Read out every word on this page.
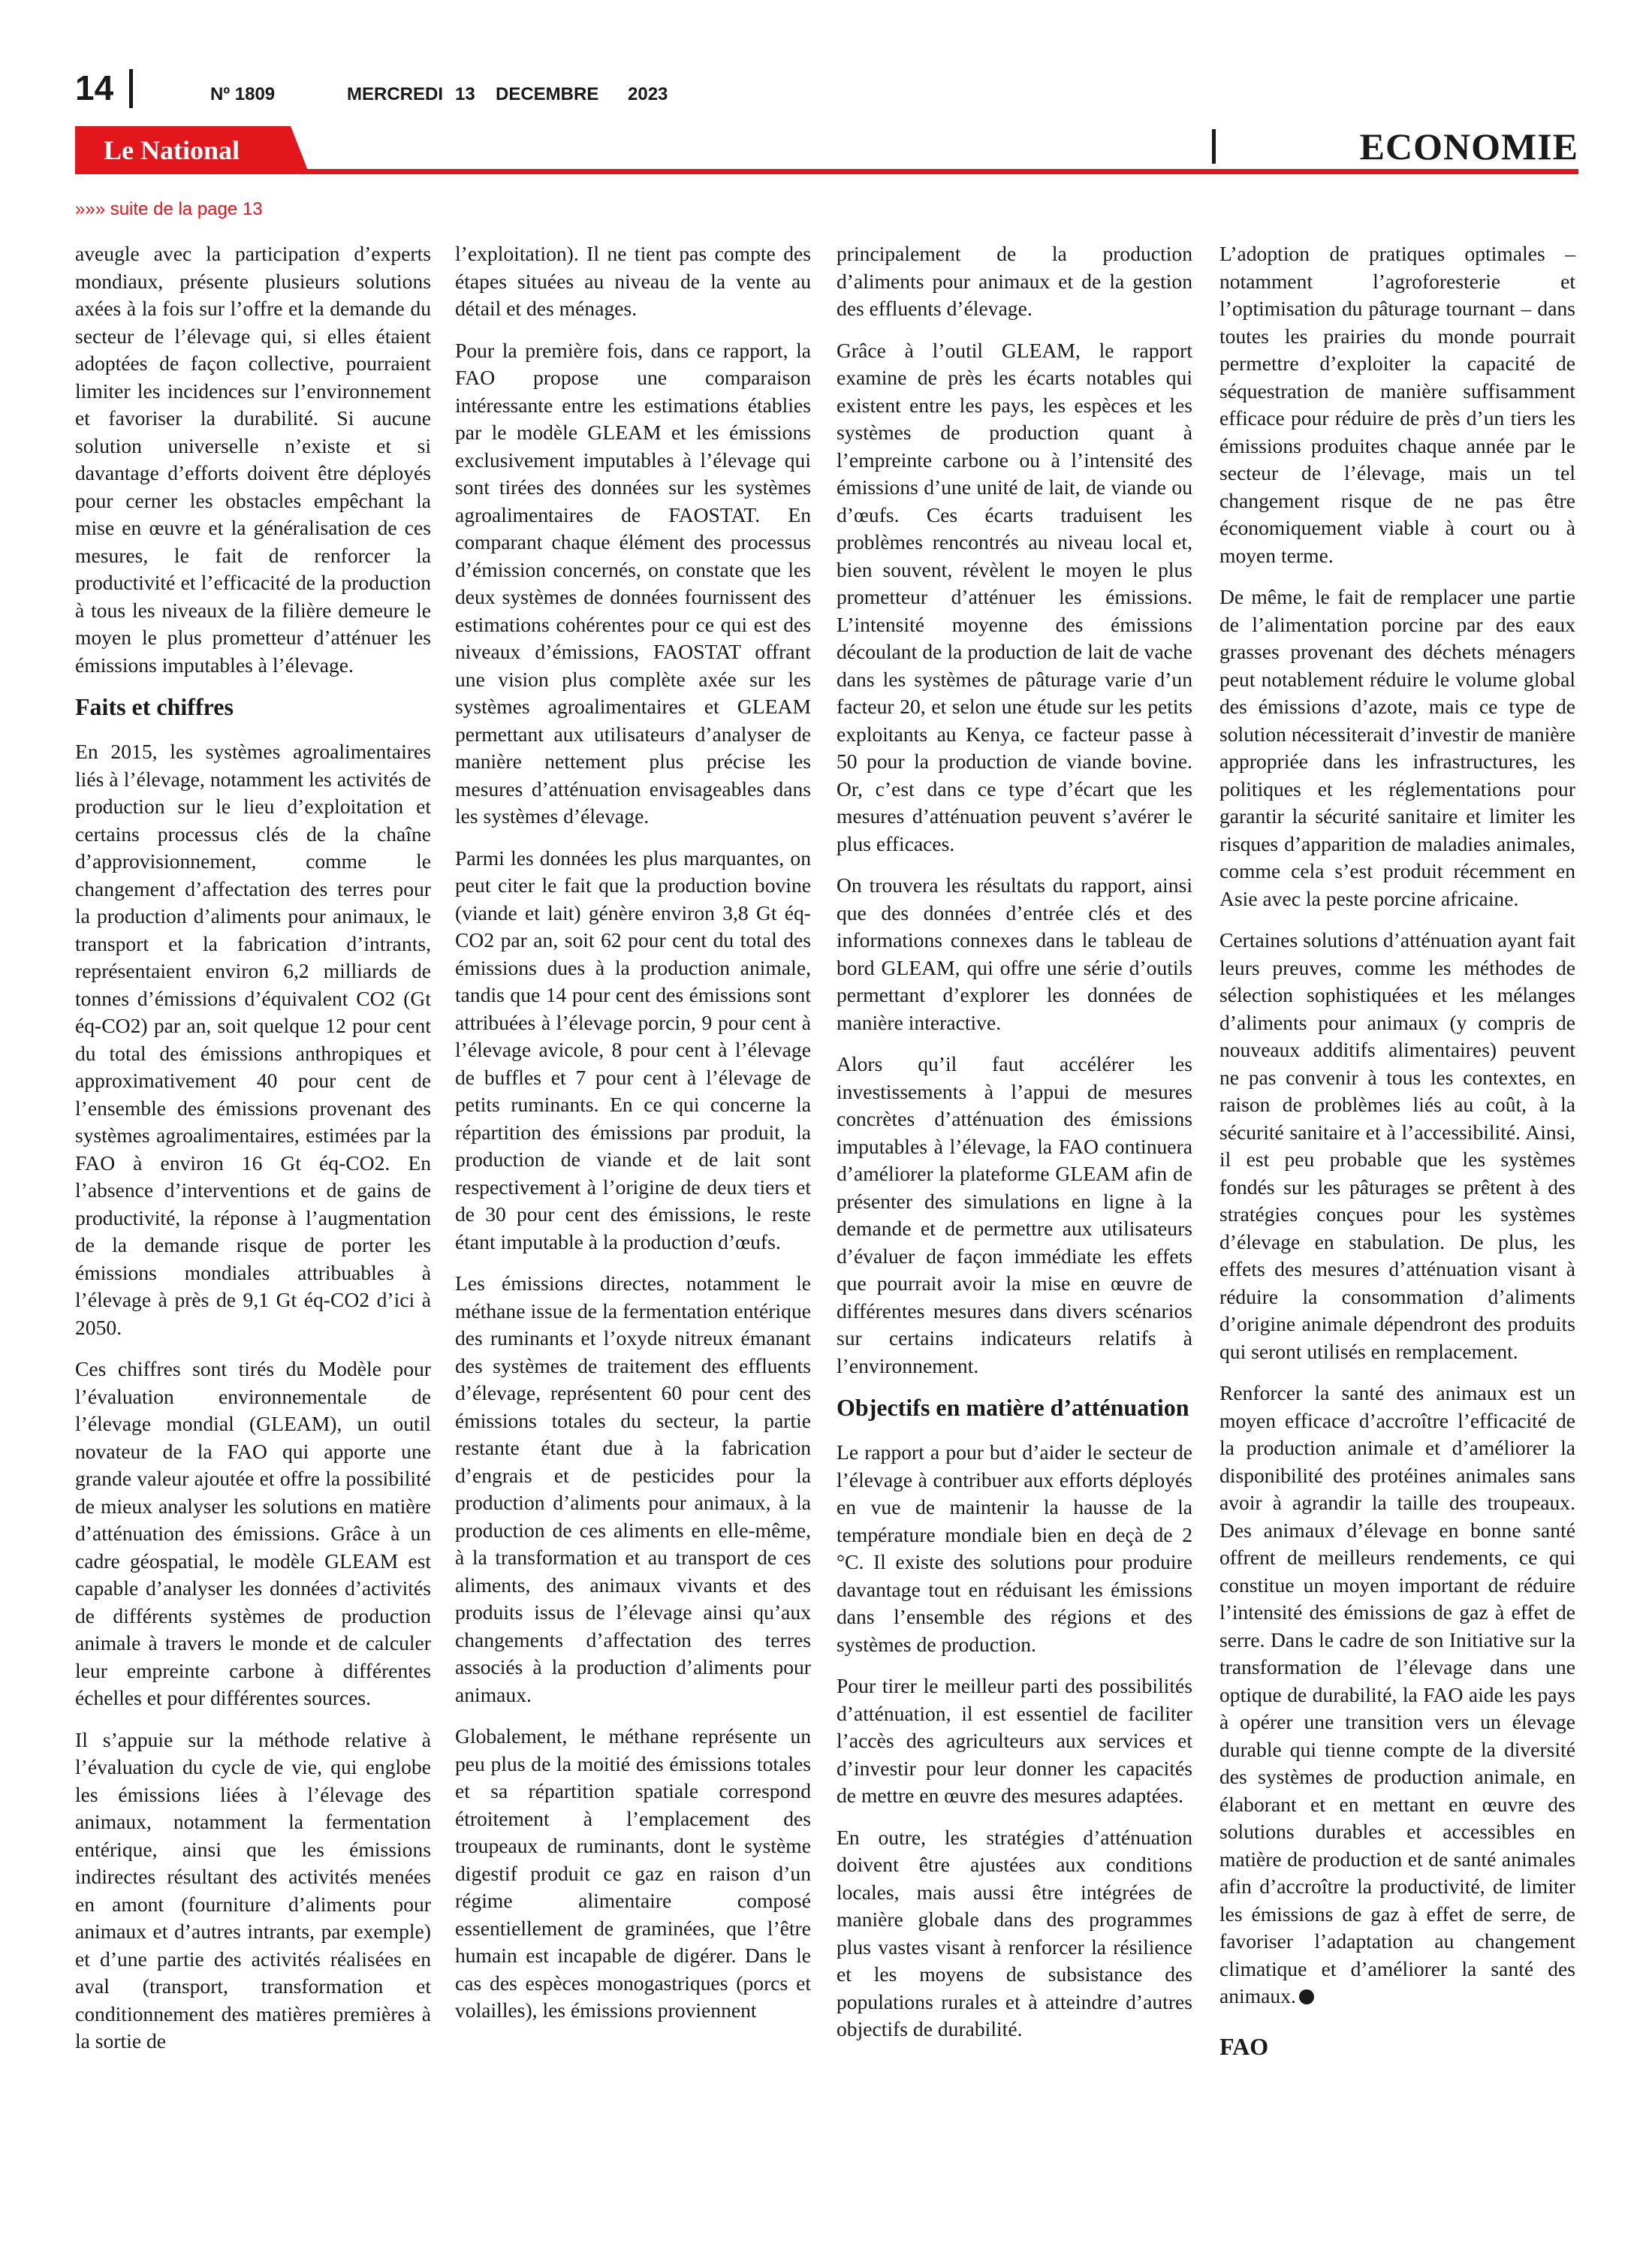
14	Nº 1809	MERCREDI 13 DECEMBRE 2023
Le National	ECONOMIE
»»» suite de la page 13

aveugle avec la participation d’experts mondiaux, présente plusieurs solutions axées à la fois sur l’offre et la demande du secteur de l’élevage qui, si elles étaient adoptées de façon collective, pourraient limiter les incidences sur l’environnement et favoriser la durabilité. Si aucune solution universelle n’existe et si davantage d’efforts doivent être déployés pour cerner les obstacles empêchant la mise en œuvre et la généralisation de ces mesures, le fait de renforcer la productivité et l’efficacité de la production à tous les niveaux de la filière demeure le moyen le plus prometteur d’atténuer les émissions imputables à l’élevage.

Faits et chiffres

En 2015, les systèmes agroalimentaires liés à l’élevage, notamment les activités de production sur le lieu d’exploitation et certains processus clés de la chaîne d’approvisionnement, comme le changement d’affectation des terres pour la production d’aliments pour animaux, le transport et la fabrication d’intrants, représentaient environ 6,2 milliards de tonnes d’émissions d’équivalent CO2 (Gt éq-CO2) par an, soit quelque 12 pour cent du total des émissions anthropiques et approximativement 40 pour cent de l’ensemble des émissions provenant des systèmes agroalimentaires, estimées par la FAO à environ 16 Gt éq-CO2. En l’absence d’interventions et de gains de productivité, la réponse à l’augmentation de la demande risque de porter les émissions mondiales attribuables à l’élevage à près de 9,1 Gt éq-CO2 d’ici à 2050.

Ces chiffres sont tirés du Modèle pour l’évaluation environnementale de l’élevage mondial (GLEAM), un outil novateur de la FAO qui apporte une grande valeur ajoutée et offre la possibilité de mieux analyser les solutions en matière d’atténuation des émissions. Grâce à un cadre géospatial, le modèle GLEAM est capable d’analyser les données d’activités de différents systèmes de production animale à travers le monde et de calculer leur empreinte carbone à différentes échelles et pour différentes sources.

Il s’appuie sur la méthode relative à l’évaluation du cycle de vie, qui englobe les émissions liées à l’élevage des animaux, notamment la fermentation entérique, ainsi que les émissions indirectes résultant des activités menées en amont (fourniture d’aliments pour animaux et d’autres intrants, par exemple) et d’une partie des activités réalisées en aval (transport, transformation et conditionnement des matières premières à la sortie de

l’exploitation). Il ne tient pas compte des étapes situées au niveau de la vente au détail et des ménages.

Pour la première fois, dans ce rapport, la FAO propose une comparaison intéressante entre les estimations établies par le modèle GLEAM et les émissions exclusivement imputables à l’élevage qui sont tirées des données sur les systèmes agroalimentaires de FAOSTAT. En comparant chaque élément des processus d’émission concernés, on constate que les deux systèmes de données fournissent des estimations cohérentes pour ce qui est des niveaux d’émissions, FAOSTAT offrant une vision plus complète axée sur les systèmes agroalimentaires et GLEAM permettant aux utilisateurs d’analyser de manière nettement plus précise les mesures d’atténuation envisageables dans les systèmes d’élevage.

Parmi les données les plus marquantes, on peut citer le fait que la production bovine (viande et lait) génère environ 3,8 Gt éq-CO2 par an, soit 62 pour cent du total des émissions dues à la production animale, tandis que 14 pour cent des émissions sont attribuées à l’élevage porcin, 9 pour cent à l’élevage avicole, 8 pour cent à l’élevage de buffles et 7 pour cent à l’élevage de petits ruminants. En ce qui concerne la répartition des émissions par produit, la production de viande et de lait sont respectivement à l’origine de deux tiers et de 30 pour cent des émissions, le reste étant imputable à la production d’œufs.

Les émissions directes, notamment le méthane issue de la fermentation entérique des ruminants et l’oxyde nitreux émanant des systèmes de traitement des effluents d’élevage, représentent 60 pour cent des émissions totales du secteur, la partie restante étant due à la fabrication d’engrais et de pesticides pour la production d’aliments pour animaux, à la production de ces aliments en elle-même, à la transformation et au transport de ces aliments, des animaux vivants et des produits issus de l’élevage ainsi qu’aux changements d’affectation des terres associés à la production d’aliments pour animaux.

Globalement, le méthane représente un peu plus de la moitié des émissions totales et sa répartition spatiale correspond étroitement à l’emplacement des troupeaux de ruminants, dont le système digestif produit ce gaz en raison d’un régime alimentaire composé essentiellement de graminées, que l’être humain est incapable de digérer. Dans le cas des espèces monogastriques (porcs et volailles), les émissions proviennent

principalement de la production d’aliments pour animaux et de la gestion des effluents d’élevage.

Grâce à l’outil GLEAM, le rapport examine de près les écarts notables qui existent entre les pays, les espèces et les systèmes de production quant à l’empreinte carbone ou à l’intensité des émissions d’une unité de lait, de viande ou d’œufs. Ces écarts traduisent les problèmes rencontrés au niveau local et, bien souvent, révèlent le moyen le plus prometteur d’atténuer les émissions. L’intensité moyenne des émissions découlant de la production de lait de vache dans les systèmes de pâturage varie d’un facteur 20, et selon une étude sur les petits exploitants au Kenya, ce facteur passe à 50 pour la production de viande bovine. Or, c’est dans ce type d’écart que les mesures d’atténuation peuvent s’avérer le plus efficaces.

On trouvera les résultats du rapport, ainsi que des données d’entrée clés et des informations connexes dans le tableau de bord GLEAM, qui offre une série d’outils permettant d’explorer les données de manière interactive.

Alors qu’il faut accélérer les investissements à l’appui de mesures concrètes d’atténuation des émissions imputables à l’élevage, la FAO continuera d’améliorer la plateforme GLEAM afin de présenter des simulations en ligne à la demande et de permettre aux utilisateurs d’évaluer de façon immédiate les effets que pourrait avoir la mise en œuvre de différentes mesures dans divers scénarios sur certains indicateurs relatifs à l’environnement.

Objectifs en matière d’atténuation

Le rapport a pour but d’aider le secteur de l’élevage à contribuer aux efforts déployés en vue de maintenir la hausse de la température mondiale bien en deçà de 2 °C. Il existe des solutions pour produire davantage tout en réduisant les émissions dans l’ensemble des régions et des systèmes de production.

Pour tirer le meilleur parti des possibilités d’atténuation, il est essentiel de faciliter l’accès des agriculteurs aux services et d’investir pour leur donner les capacités de mettre en œuvre des mesures adaptées.

En outre, les stratégies d’atténuation doivent être ajustées aux conditions locales, mais aussi être intégrées de manière globale dans des programmes plus vastes visant à renforcer la résilience et les moyens de subsistance des populations rurales et à atteindre d’autres objectifs de durabilité.

L’adoption de pratiques optimales – notamment l’agroforesterie et l’optimisation du pâturage tournant – dans toutes les prairies du monde pourrait permettre d’exploiter la capacité de séquestration de manière suffisamment efficace pour réduire de près d’un tiers les émissions produites chaque année par le secteur de l’élevage, mais un tel changement risque de ne pas être économiquement viable à court ou à moyen terme.

De même, le fait de remplacer une partie de l’alimentation porcine par des eaux grasses provenant des déchets ménagers peut notablement réduire le volume global des émissions d’azote, mais ce type de solution nécessiterait d’investir de manière appropriée dans les infrastructures, les politiques et les réglementations pour garantir la sécurité sanitaire et limiter les risques d’apparition de maladies animales, comme cela s’est produit récemment en Asie avec la peste porcine africaine.

Certaines solutions d’atténuation ayant fait leurs preuves, comme les méthodes de sélection sophistiquées et les mélanges d’aliments pour animaux (y compris de nouveaux additifs alimentaires) peuvent ne pas convenir à tous les contextes, en raison de problèmes liés au coût, à la sécurité sanitaire et à l’accessibilité. Ainsi, il est peu probable que les systèmes fondés sur les pâturages se prêtent à des stratégies conçues pour les systèmes d’élevage en stabulation. De plus, les effets des mesures d’atténuation visant à réduire la consommation d’aliments d’origine animale dépendront des produits qui seront utilisés en remplacement.

Renforcer la santé des animaux est un moyen efficace d’accroître l’efficacité de la production animale et d’améliorer la disponibilité des protéines animales sans avoir à agrandir la taille des troupeaux. Des animaux d’élevage en bonne santé offrent de meilleurs rendements, ce qui constitue un moyen important de réduire l’intensité des émissions de gaz à effet de serre. Dans le cadre de son Initiative sur la transformation de l’élevage dans une optique de durabilité, la FAO aide les pays à opérer une transition vers un élevage durable qui tienne compte de la diversité des systèmes de production animale, en élaborant et en mettant en œuvre des solutions durables et accessibles en matière de production et de santé animales afin d’accroître la productivité, de limiter les émissions de gaz à effet de serre, de favoriser l’adaptation au changement climatique et d’améliorer la santé des animaux.

FAO
